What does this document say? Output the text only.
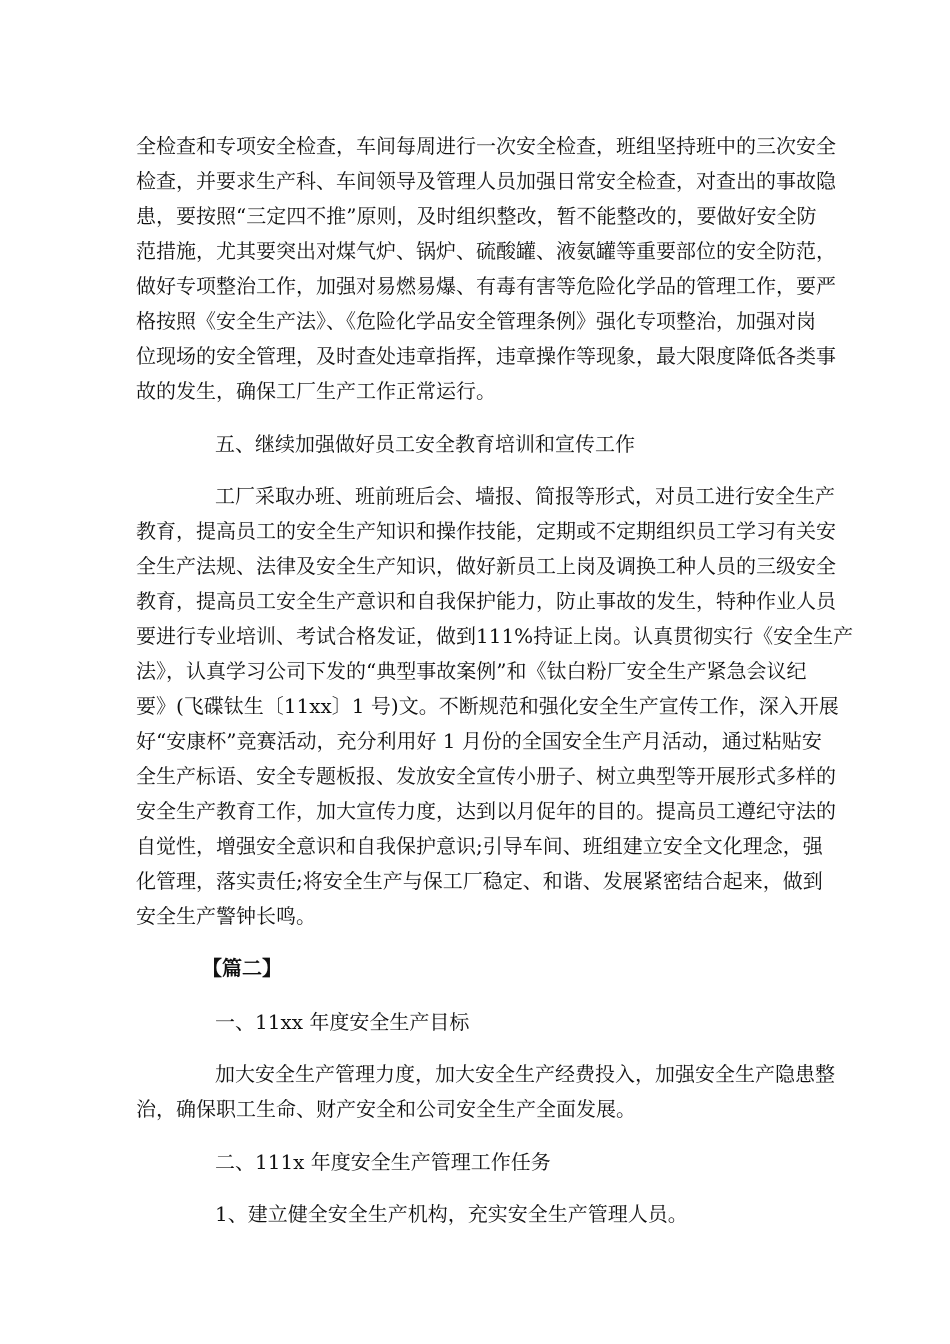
全检查和专项安全检查，车间每周进行一次安全检查，班组坚持班中的三次安全
检查，并要求生产科、车间领导及管理人员加强日常安全检查，对查出的事故隐
患，要按照“三定四不推”原则，及时组织整改，暂不能整改的，要做好安全防
范措施，尤其要突出对煤气炉、锅炉、硫酸罐、液氨罐等重要部位的安全防范，
做好专项整治工作，加强对易燃易爆、有毒有害等危险化学品的管理工作，要严
格按照《安全生产法》、《危险化学品安全管理条例》强化专项整治，加强对岗
位现场的安全管理，及时查处违章指挥，违章操作等现象，最大限度降低各类事
故的发生，确保工厂生产工作正常运行。
五、继续加强做好员工安全教育培训和宣传工作
工厂采取办班、班前班后会、墙报、简报等形式，对员工进行安全生产
教育，提高员工的安全生产知识和操作技能，定期或不定期组织员工学习有关安
全生产法规、法律及安全生产知识，做好新员工上岗及调换工种人员的三级安全
教育，提高员工安全生产意识和自我保护能力，防止事故的发生，特种作业人员
要进行专业培训、考试合格发证，做到111%持证上岗。认真贯彻实行《安全生产
法》，认真学习公司下发的“典型事故案例”和《钛白粉厂安全生产紧急会议纪
要》(飞碟钛生〔11xx〕1 号)文。不断规范和强化安全生产宣传工作，深入开展
好“安康杯”竞赛活动，充分利用好 1 月份的全国安全生产月活动，通过粘贴安
全生产标语、安全专题板报、发放安全宣传小册子、树立典型等开展形式多样的
安全生产教育工作，加大宣传力度，达到以月促年的目的。提高员工遵纪守法的
自觉性，增强安全意识和自我保护意识;引导车间、班组建立安全文化理念，强
化管理，落实责任;将安全生产与保工厂稳定、和谐、发展紧密结合起来，做到
安全生产警钟长鸣。
【篇二】
一、11xx 年度安全生产目标
加大安全生产管理力度，加大安全生产经费投入，加强安全生产隐患整
治，确保职工生命、财产安全和公司安全生产全面发展。
二、111x 年度安全生产管理工作任务
1、建立健全安全生产机构，充实安全生产管理人员。
